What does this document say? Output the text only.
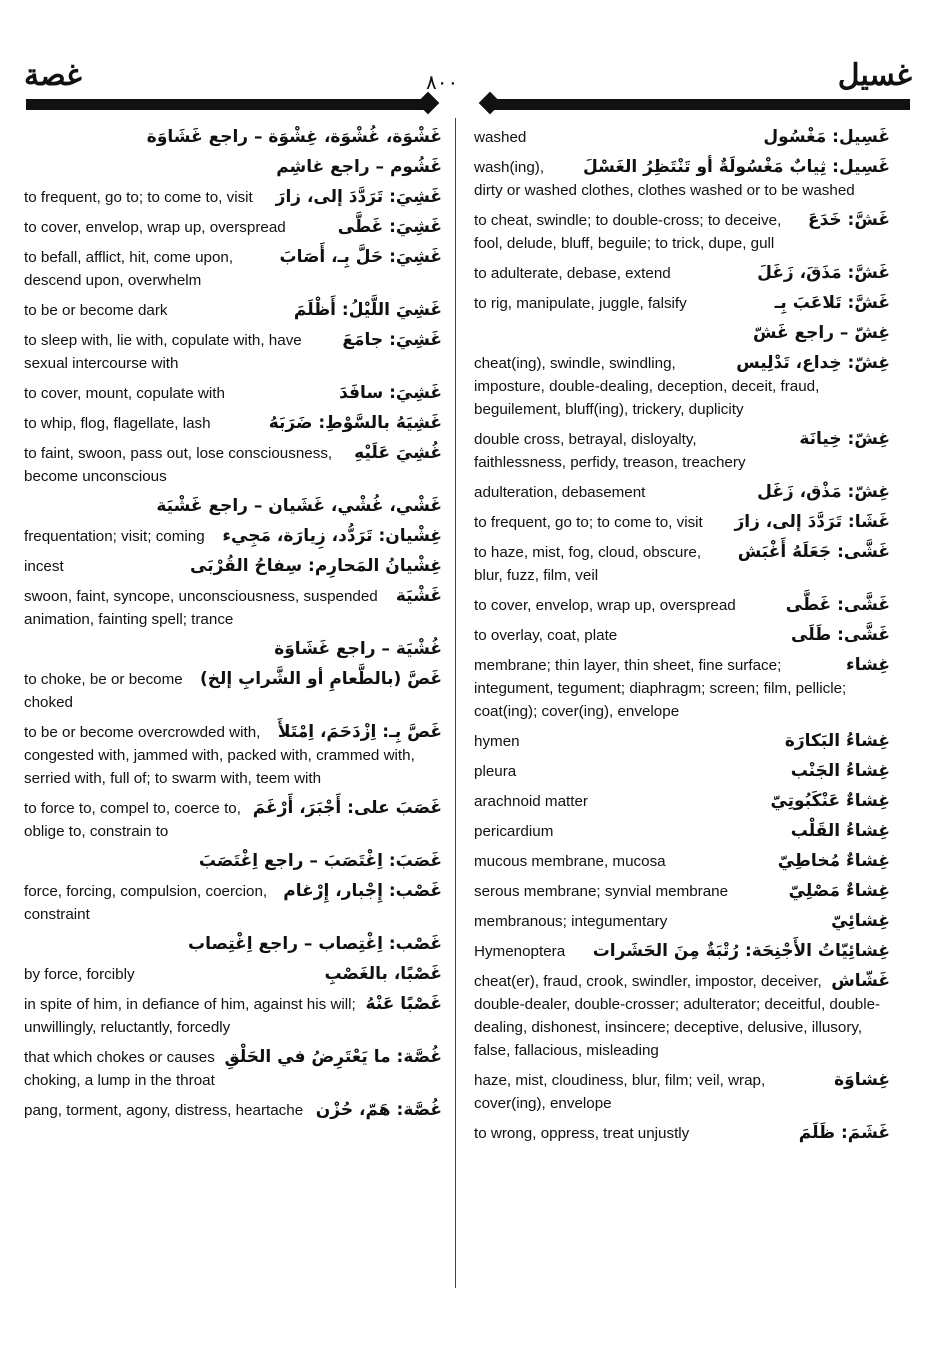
غصة	٨٠٠	غسيل
غَشْوَة، غُشْوَة، غِشْوَة – راجع غَشَاوَة
غَشُوم – راجع غاشِم
غَشِيَ: تَرَدَّدَ إلى، زارَ
to frequent, go to; to come to, visit
غَشِيَ: غَطَّى
to cover, envelop, wrap up, overspread
غَشِيَ: حَلَّ بِـ، أَصَابَ
to befall, afflict, hit, come upon, descend upon, overwhelm
غَشِيَ اللَّيْلُ: أَظْلَمَ
to be or become dark
غَشِيَ: جامَعَ
to sleep with, lie with, copulate with, have sexual intercourse with
غَشِيَ: سافَدَ
to cover, mount, copulate with
غَشِيَهُ بالسَّوْطِ: ضَرَبَهُ
to whip, flog, flagellate, lash
غُشِيَ عَلَيْهِ
to faint, swoon, pass out, lose consciousness, become unconscious
غَشْي، غُشْي، غَشَيان – راجع غَشْيَة
غِشْيان: تَرَدُّد، زِيارَة، مَجِيء
frequentation; visit; coming
غِشْيانُ المَحارِم: سِفاحُ القُرْبَى
incest
غَشْيَة
swoon, faint, syncope, unconsciousness, suspended animation, fainting spell; trance
غُشْيَة – راجع غَشَاوَة
غَصَّ (بالطَّعامِ أو الشَّرابِ إلخ)
to choke, be or become choked
غَصَّ بِـ: اِزْدَحَمَ، اِمْتَلأَ
to be or become overcrowded with, congested with, jammed with, packed with, crammed with, serried with, full of; to swarm with, teem with
غَصَبَ على: أَجْبَرَ، أَرْغَمَ
to force to, compel to, coerce to, oblige to, constrain to
غَصَبَ: اِغْتَصَبَ – راجع اِغْتَصَبَ
غَصْب: إِجْبار، إِرْغام
force, forcing, compulsion, coercion, constraint
غَصْب: اِغْتِصاب – راجع اِغْتِصاب
غَصْبًا، بالغَصْبِ
by force, forcibly
غَصْبًا عَنْهُ
in spite of him, in defiance of him, against his will; unwillingly, reluctantly, forcedly
غُصَّة: ما يَعْتَرِضُ في الحَلْقِ
that which chokes or causes choking, a lump in the throat
غُصَّة: هَمّ، حُزْن
pang, torment, agony, distress, heartache
غَسِيل: مَغْسُول
washed
غَسِيل: ثِيابٌ مَغْسُولَةٌ أو تَنْتَظِرُ الغَسْلَ
wash(ing), dirty or washed clothes, clothes washed or to be washed
غَشَّ: خَدَعَ
to cheat, swindle; to double-cross; to deceive, fool, delude, bluff, beguile; to trick, dupe, gull
غَشَّ: مَذَقَ، زَغَلَ
to adulterate, debase, extend
غَشَّ: تَلاعَبَ بِـ
to rig, manipulate, juggle, falsify
غِشّ – راجع غَشّ
غِشّ: خِداع، تَدْلِيس
cheat(ing), swindle, swindling, imposture, double-dealing, deception, deceit, fraud, beguilement, bluff(ing), trickery, duplicity
غِشّ: خِيانَة
double cross, betrayal, disloyalty, faithlessness, perfidy, treason, treachery
غِشّ: مَذْق، زَغَل
adulteration, debasement
غَشَا: تَرَدَّدَ إلى، زارَ
to frequent, go to; to come to, visit
غَشَّى: جَعَلَهُ أَغْبَش
to haze, mist, fog, cloud, obscure, blur, fuzz, film, veil
غَشَّى: غَطَّى
to cover, envelop, wrap up, overspread
غَشَّى: طَلَى
to overlay, coat, plate
غِشاء
membrane; thin layer, thin sheet, fine surface; integument, tegument; diaphragm; screen; film, pellicle; coat(ing); cover(ing), envelope
غِشاءُ البَكارَة
hymen
غِشاءُ الجَنْب
pleura
غِشاءٌ عَنْكَبُوتِيّ
arachnoid matter
غِشاءُ القَلْب
pericardium
غِشاءٌ مُخاطِيّ
mucous membrane, mucosa
غِشاءٌ مَصْلِيّ
serous membrane; synvial membrane
غِشائِيّ
membranous; integumentary
غِشائِيّاتُ الأَجْنِحَة: رُتْبَةٌ مِنَ الحَشَرات
Hymenoptera
غَشّاش
cheat(er), fraud, crook, swindler, impostor, deceiver, double-dealer, double-crosser; adulterator; deceitful, double-dealing, dishonest, insincere; deceptive, delusive, illusory, false, fallacious, misleading
غِشاوَة
haze, mist, cloudiness, blur, film; veil, wrap, cover(ing), envelope
غَشَمَ: ظَلَمَ
to wrong, oppress, treat unjustly
